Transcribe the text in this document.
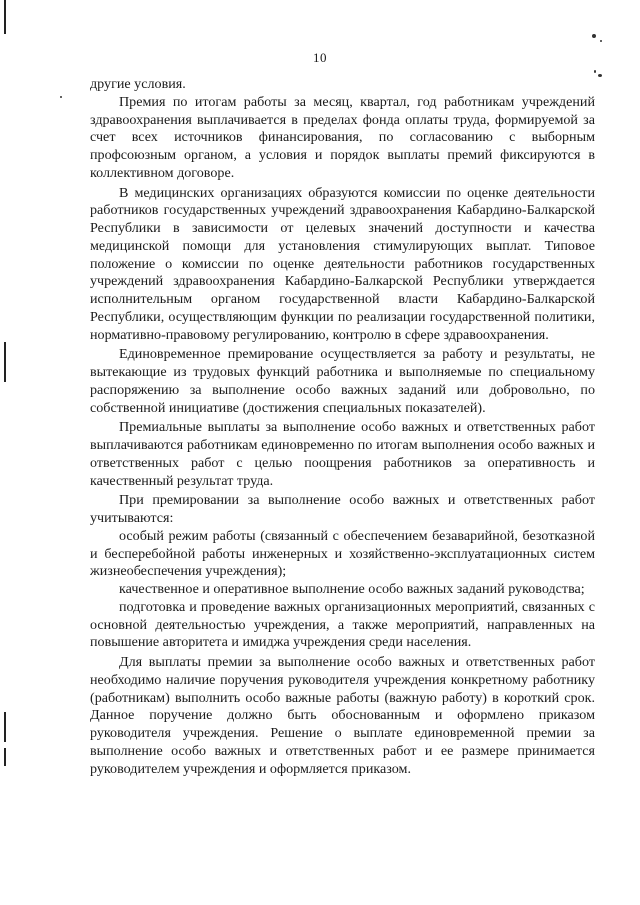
10

другие условия.

Премия по итогам работы за месяц, квартал, год работникам учреждений здравоохранения выплачивается в пределах фонда оплаты труда, формируемой за счет всех источников финансирования, по согласованию с выборным профсоюзным органом, а условия и порядок выплаты премий фиксируются в коллективном договоре.

В медицинских организациях образуются комиссии по оценке деятельности работников государственных учреждений здравоохранения Кабардино-Балкарской Республики в зависимости от целевых значений доступности и качества медицинской помощи для установления стимулирующих выплат. Типовое положение о комиссии по оценке деятельности работников государственных учреждений здравоохранения Кабардино-Балкарской Республики утверждается исполнительным органом государственной власти Кабардино-Балкарской Республики, осуществляющим функции по реализации государственной политики, нормативно-правовому регулированию, контролю в сфере здравоохранения.

Единовременное премирование осуществляется за работу и результаты, не вытекающие из трудовых функций работника и выполняемые по специальному распоряжению за выполнение особо важных заданий или добровольно, по собственной инициативе (достижения специальных показателей).

Премиальные выплаты за выполнение особо важных и ответственных работ выплачиваются работникам единовременно по итогам выполнения особо важных и ответственных работ с целью поощрения работников за оперативность и качественный результат труда.

При премировании за выполнение особо важных и ответственных работ учитываются:

особый режим работы (связанный с обеспечением безаварийной, безотказной и бесперебойной работы инженерных и хозяйственно-эксплуатационных систем жизнеобеспечения учреждения);

качественное и оперативное выполнение особо важных заданий руководства;

подготовка и проведение важных организационных мероприятий, связанных с основной деятельностью учреждения, а также мероприятий, направленных на повышение авторитета и имиджа учреждения среди населения.

Для выплаты премии за выполнение особо важных и ответственных работ необходимо наличие поручения руководителя учреждения конкретному работнику (работникам) выполнить особо важные работы (важную работу) в короткий срок. Данное поручение должно быть обоснованным и оформлено приказом руководителя учреждения. Решение о выплате единовременной премии за выполнение особо важных и ответственных работ и ее размере принимается руководителем учреждения и оформляется приказом.
